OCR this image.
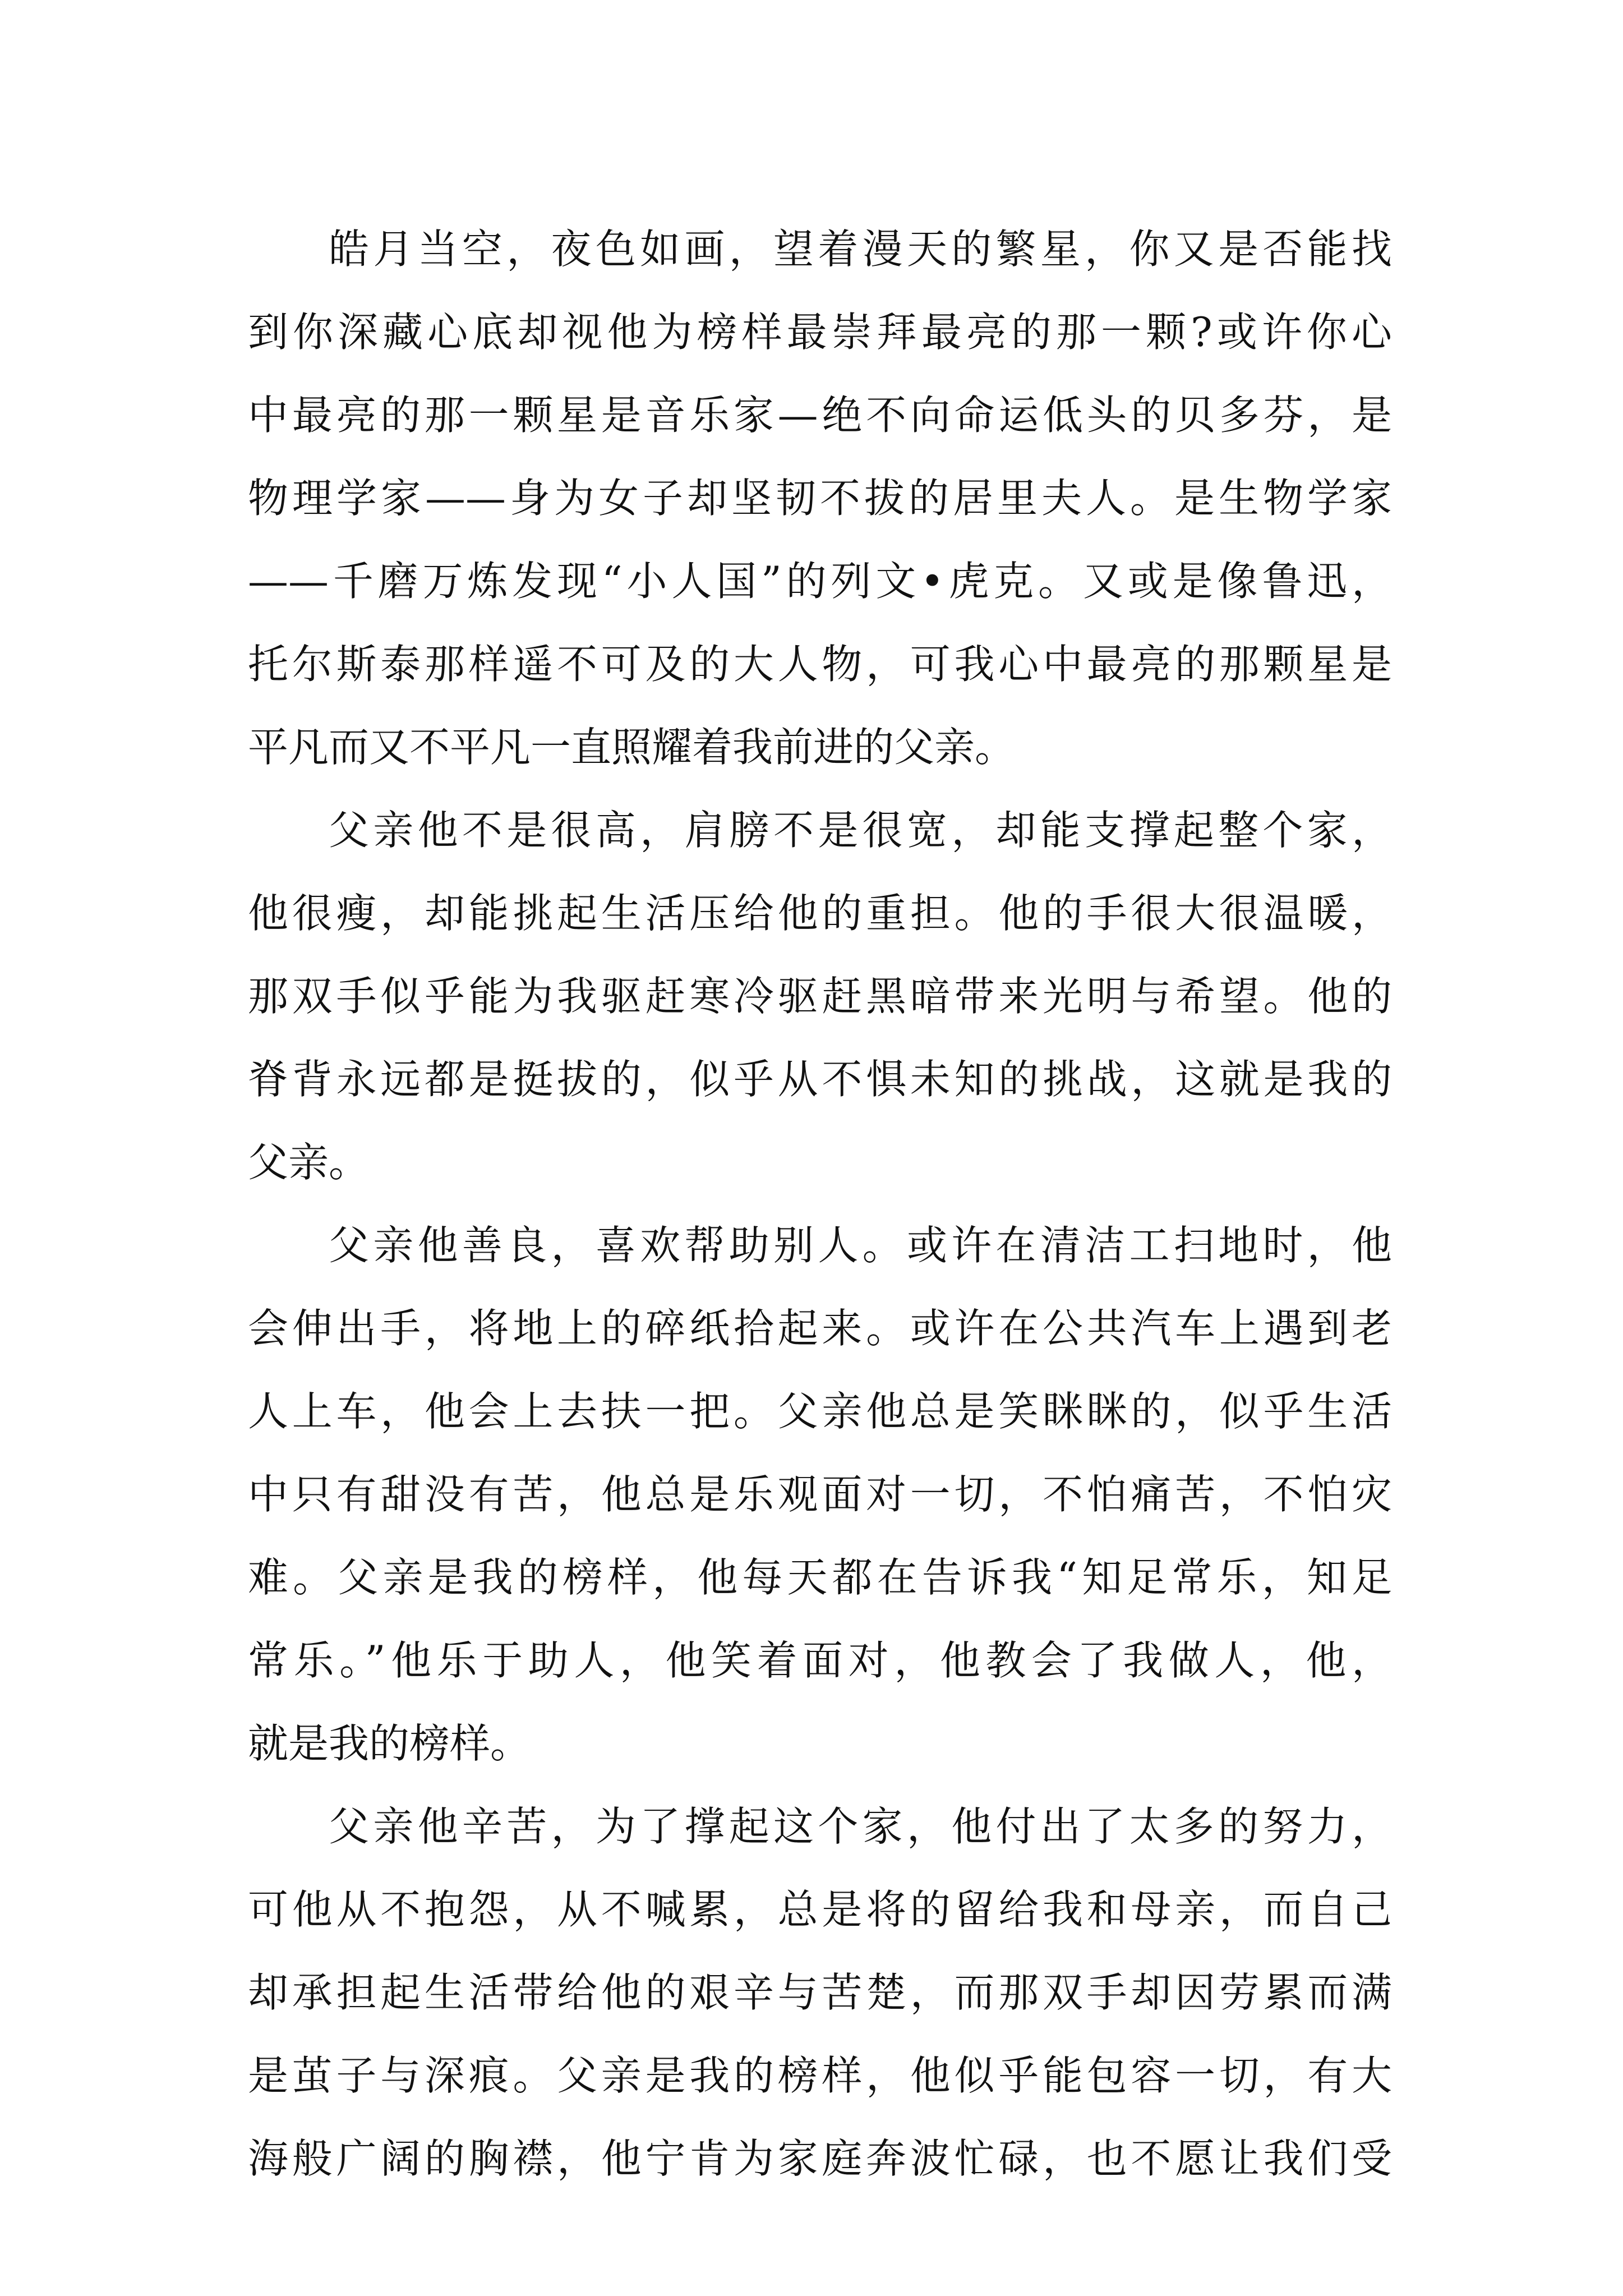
皓月当空，夜色如画，望着漫天的繁星，你又是否能找
到你深藏心底却视他为榜样最崇拜最亮的那一颗?或许你心
中最亮的那一颗星是音乐家—绝不向命运低头的贝多芬，是
物理学家——身为女子却坚韧不拔的居里夫人。是生物学家
——千磨万炼发现“小人国”的列文•虎克。又或是像鲁迅，
托尔斯泰那样遥不可及的大人物，可我心中最亮的那颗星是
平凡而又不平凡一直照耀着我前进的父亲。
父亲他不是很高，肩膀不是很宽，却能支撑起整个家，
他很瘦，却能挑起生活压给他的重担。他的手很大很温暖，
那双手似乎能为我驱赶寒冷驱赶黑暗带来光明与希望。他的
脊背永远都是挺拔的，似乎从不惧未知的挑战，这就是我的
父亲。
父亲他善良，喜欢帮助别人。或许在清洁工扫地时，他
会伸出手，将地上的碎纸拾起来。或许在公共汽车上遇到老
人上车，他会上去扶一把。父亲他总是笑眯眯的，似乎生活
中只有甜没有苦，他总是乐观面对一切，不怕痛苦，不怕灾
难。父亲是我的榜样，他每天都在告诉我“知足常乐，知足
常乐。”他乐于助人，他笑着面对，他教会了我做人，他，
就是我的榜样。
父亲他辛苦，为了撑起这个家，他付出了太多的努力，
可他从不抱怨，从不喊累，总是将的留给我和母亲，而自己
却承担起生活带给他的艰辛与苦楚，而那双手却因劳累而满
是茧子与深痕。父亲是我的榜样，他似乎能包容一切，有大
海般广阔的胸襟，他宁肯为家庭奔波忙碌，也不愿让我们受
